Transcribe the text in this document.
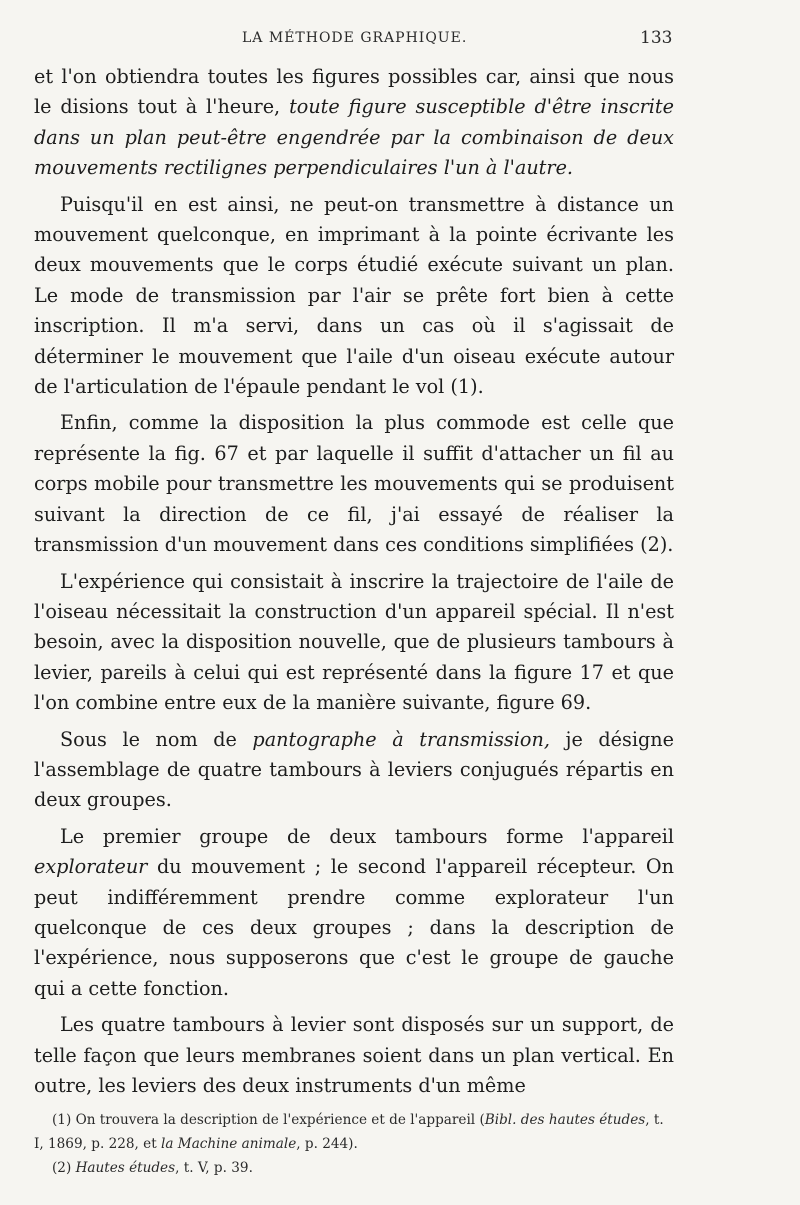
LA MÉTHODE GRAPHIQUE.	133

et l'on obtiendra toutes les figures possibles car, ainsi que nous le disions tout à l'heure, toute figure susceptible d'être inscrite dans un plan peut-être engendrée par la combinaison de deux mouvements rectilignes perpendiculaires l'un à l'autre.

Puisqu'il en est ainsi, ne peut-on transmettre à distance un mouvement quelconque, en imprimant à la pointe écrivante les deux mouvements que le corps étudié exécute suivant un plan. Le mode de transmission par l'air se prête fort bien à cette inscription. Il m'a servi, dans un cas où il s'agissait de déterminer le mouvement que l'aile d'un oiseau exécute autour de l'articulation de l'épaule pendant le vol (1).

Enfin, comme la disposition la plus commode est celle que représente la fig. 67 et par laquelle il suffit d'attacher un fil au corps mobile pour transmettre les mouvements qui se produisent suivant la direction de ce fil, j'ai essayé de réaliser la transmission d'un mouvement dans ces conditions simplifiées (2).

L'expérience qui consistait à inscrire la trajectoire de l'aile de l'oiseau nécessitait la construction d'un appareil spécial. Il n'est besoin, avec la disposition nouvelle, que de plusieurs tambours à levier, pareils à celui qui est représenté dans la figure 17 et que l'on combine entre eux de la manière suivante, figure 69.

Sous le nom de pantographe à transmission, je désigne l'assemblage de quatre tambours à leviers conjugués répartis en deux groupes.

Le premier groupe de deux tambours forme l'appareil explorateur du mouvement ; le second l'appareil récepteur. On peut indifféremment prendre comme explorateur l'un quelconque de ces deux groupes ; dans la description de l'expérience, nous supposerons que c'est le groupe de gauche qui a cette fonction.

Les quatre tambours à levier sont disposés sur un support, de telle façon que leurs membranes soient dans un plan vertical. En outre, les leviers des deux instruments d'un même

(1) On trouvera la description de l'expérience et de l'appareil (Bibl. des hautes études, t. I, 1869, p. 228, et la Machine animale, p. 244).

(2) Hautes études, t. V, p. 39.
